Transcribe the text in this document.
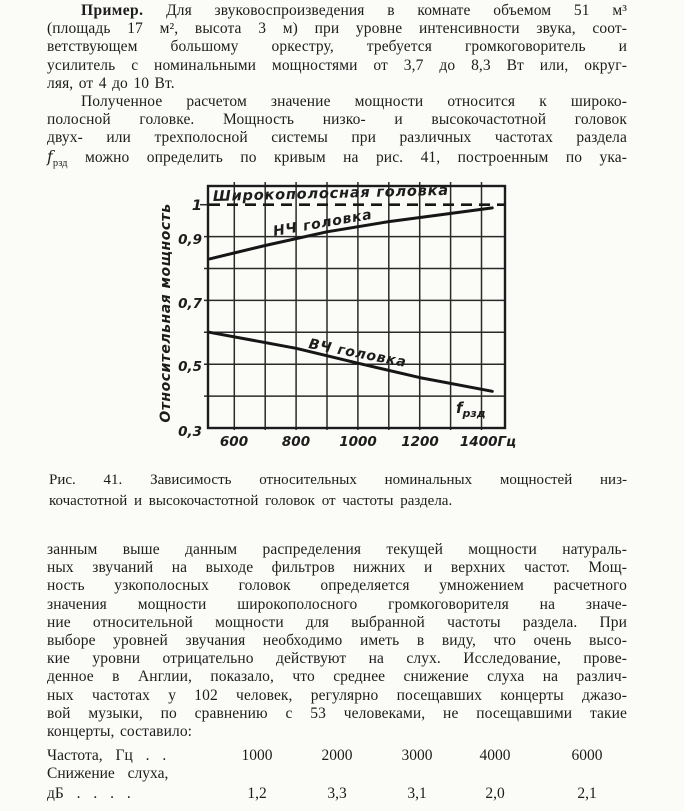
Пример. Для звуковоспроизведения в комнате объемом 51 м³
(площадь 17 м², высота 3 м) при уровне интенсивности звука, соот-
ветствующем большому оркестру, требуется громкоговоритель и
усилитель с номинальными мощностями от 3,7 до 8,3 Вт или, округ-
ляя, от 4 до 10 Вт.
Полученное расчетом значение мощности относится к широко-
полосной головке. Мощность низко- и высокочастотной головок
двух- или трехполосной системы при различных частотах раздела
$f_{рзд}$ можно определить по кривым на рис. 41, построенным по ука-
Широкополосная головка
НЧ головка
ВЧ головка
$f_{рзд}$
1
0,9
0,7
0,5
0,3
600	800 1000 1200 1400Гц
Относительная мощность
Рис. 41. Зависимость относительных номинальных мощностей низ-
кочастотной и высокочастотной головок от частоты раздела.
занным выше данным распределения текущей мощности натураль-
ных звучаний на выходе фильтров нижних и верхних частот. Мощ-
ность узкополосных головок определяется умножением расчетного
значения мощности широкополосного громкоговорителя на значе-
ние относительной мощности для выбранной частоты раздела. При
выборе уровней звучания необходимо иметь в виду, что очень высо-
кие уровни отрицательно действуют на слух. Исследование, прове-
денное в Англии, показало, что среднее снижение слуха на различ-
ных частотах у 102 человек, регулярно посещавших концерты джазо-
вой музыки, по сравнению с 53 человеками, не посещавшими такие
концерты, составило:
Частота, Гц . .	1000	2000	3000	4000	6000
Снижение слуха,
дБ . . . .	1,2	3,3	3,1	2,0	2,1
